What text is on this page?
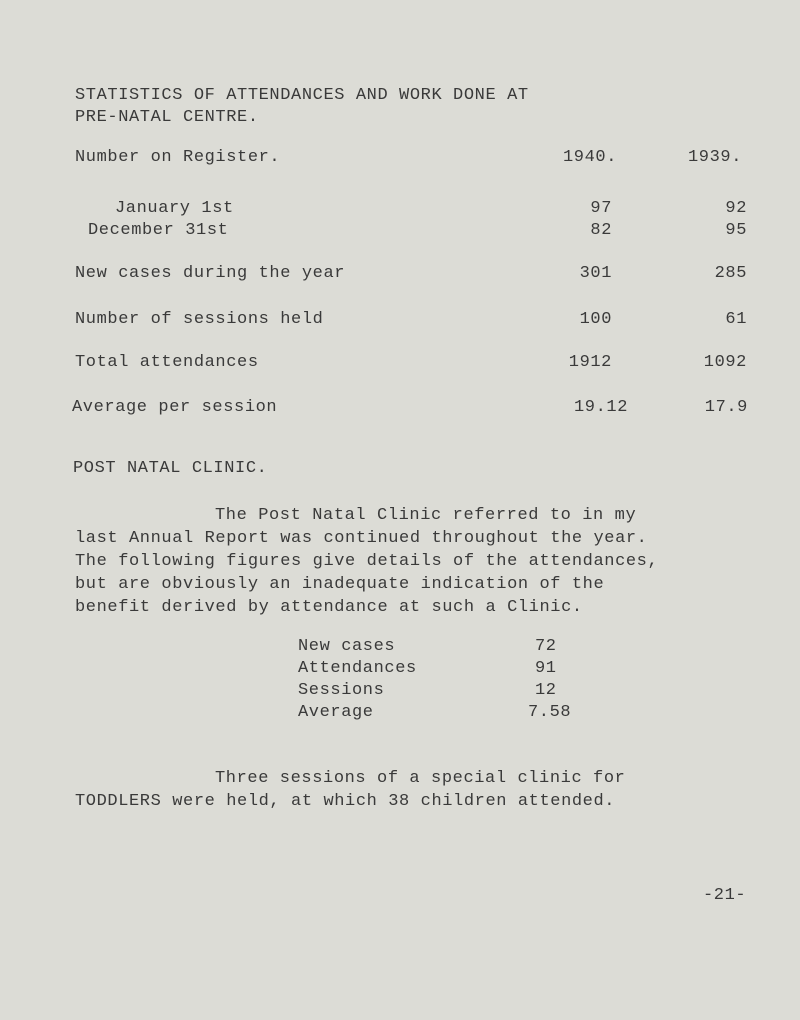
STATISTICS OF ATTENDANCES AND WORK DONE AT
PRE-NATAL CENTRE.
Number on Register.	1940.	1939.
January 1st	97	92
December 31st	82	95
New cases during the year	301	285
Number of sessions held	100	61
Total attendances	1912	1092
Average per session	19.12	17.9
POST NATAL CLINIC.
The Post Natal Clinic referred to in my
last Annual Report was continued throughout the year.
The following figures give details of the attendances,
but are obviously an inadequate indication of the
benefit derived by attendance at such a Clinic.
New cases	72
Attendances	91
Sessions	12
Average	7.58
Three sessions of a special clinic for
TODDLERS were held, at which 38 children attended.
-21-
